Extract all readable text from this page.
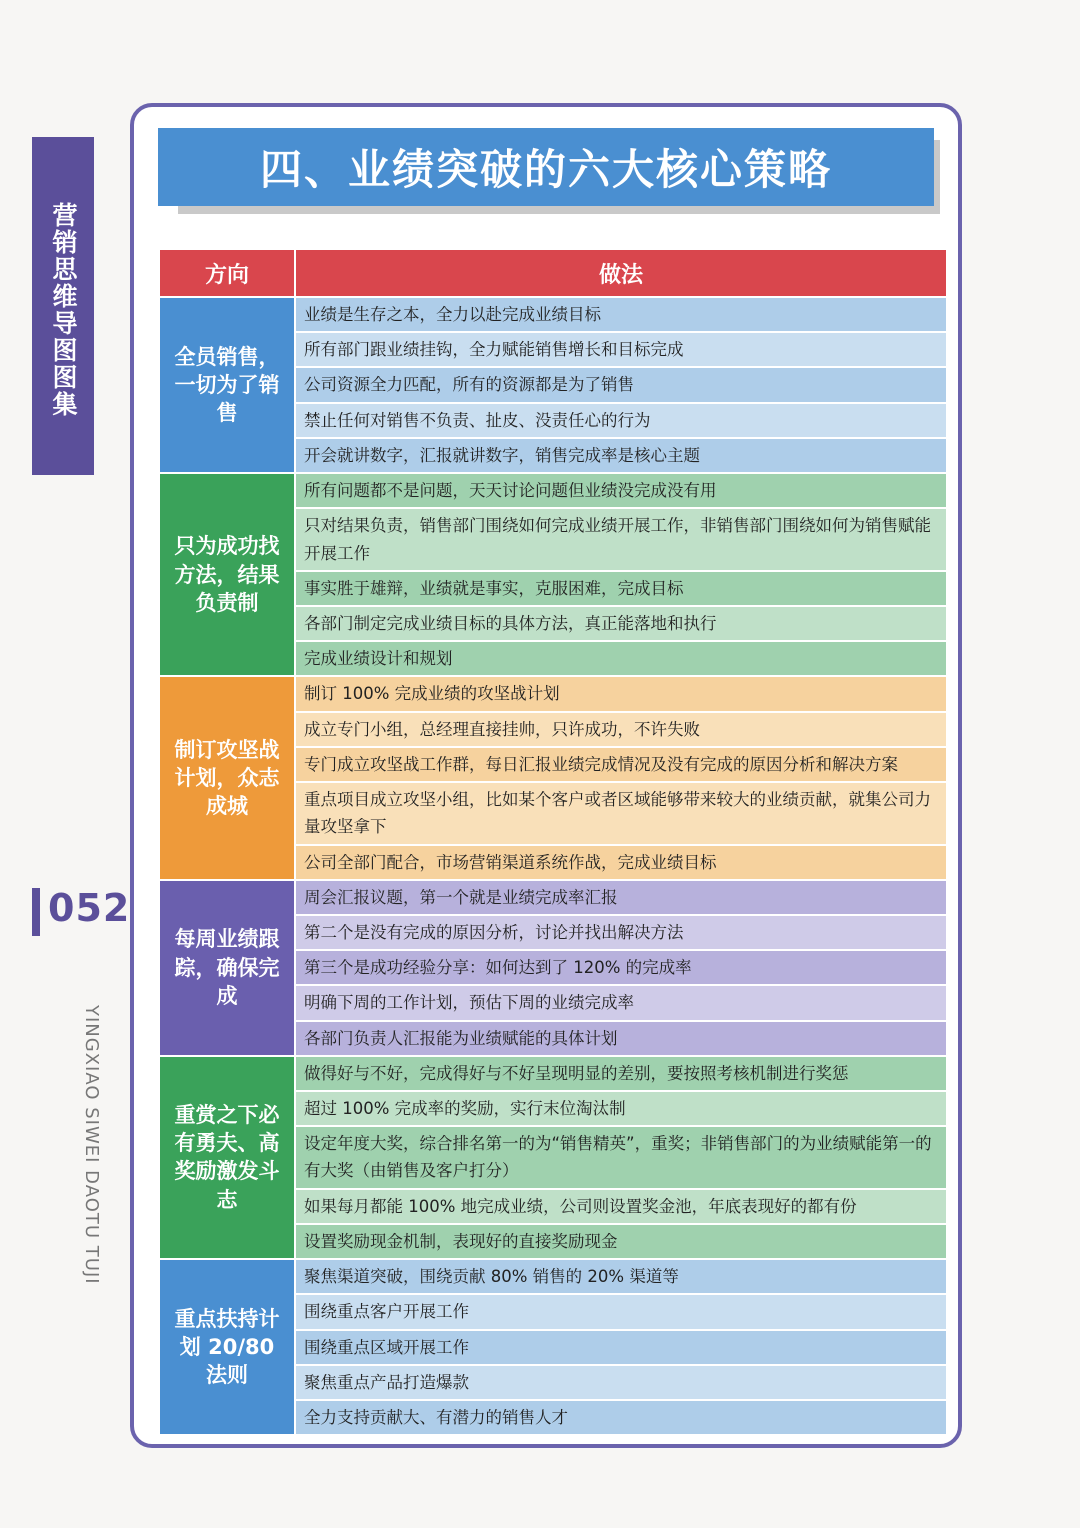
营销思维导图图集
052
YINGXIAO SIWEI DAOTU TUJI
四、业绩突破的六大核心策略
方向	做法
全员销售，一切为了销售
业绩是生存之本，全力以赴完成业绩目标
所有部门跟业绩挂钩，全力赋能销售增长和目标完成
公司资源全力匹配，所有的资源都是为了销售
禁止任何对销售不负责、扯皮、没责任心的行为
开会就讲数字，汇报就讲数字，销售完成率是核心主题
只为成功找方法，结果负责制
所有问题都不是问题，天天讨论问题但业绩没完成没有用
只对结果负责，销售部门围绕如何完成业绩开展工作，非销售部门围绕如何为销售赋能开展工作
事实胜于雄辩，业绩就是事实，克服困难，完成目标
各部门制定完成业绩目标的具体方法，真正能落地和执行
完成业绩设计和规划
制订攻坚战计划，众志成城
制订 100% 完成业绩的攻坚战计划
成立专门小组，总经理直接挂帅，只许成功，不许失败
专门成立攻坚战工作群，每日汇报业绩完成情况及没有完成的原因分析和解决方案
重点项目成立攻坚小组，比如某个客户或者区域能够带来较大的业绩贡献，就集公司力量攻坚拿下
公司全部门配合，市场营销渠道系统作战，完成业绩目标
每周业绩跟踪，确保完成
周会汇报议题，第一个就是业绩完成率汇报
第二个是没有完成的原因分析，讨论并找出解决方法
第三个是成功经验分享：如何达到了 120% 的完成率
明确下周的工作计划，预估下周的业绩完成率
各部门负责人汇报能为业绩赋能的具体计划
重赏之下必有勇夫、高奖励激发斗志
做得好与不好，完成得好与不好呈现明显的差别，要按照考核机制进行奖惩
超过 100% 完成率的奖励，实行末位淘汰制
设定年度大奖，综合排名第一的为“销售精英”，重奖；非销售部门的为业绩赋能第一的有大奖（由销售及客户打分）
如果每月都能 100% 地完成业绩，公司则设置奖金池，年底表现好的都有份
设置奖励现金机制，表现好的直接奖励现金
重点扶持计划 20/80 法则
聚焦渠道突破，围绕贡献 80% 销售的 20% 渠道等
围绕重点客户开展工作
围绕重点区域开展工作
聚焦重点产品打造爆款
全力支持贡献大、有潜力的销售人才
